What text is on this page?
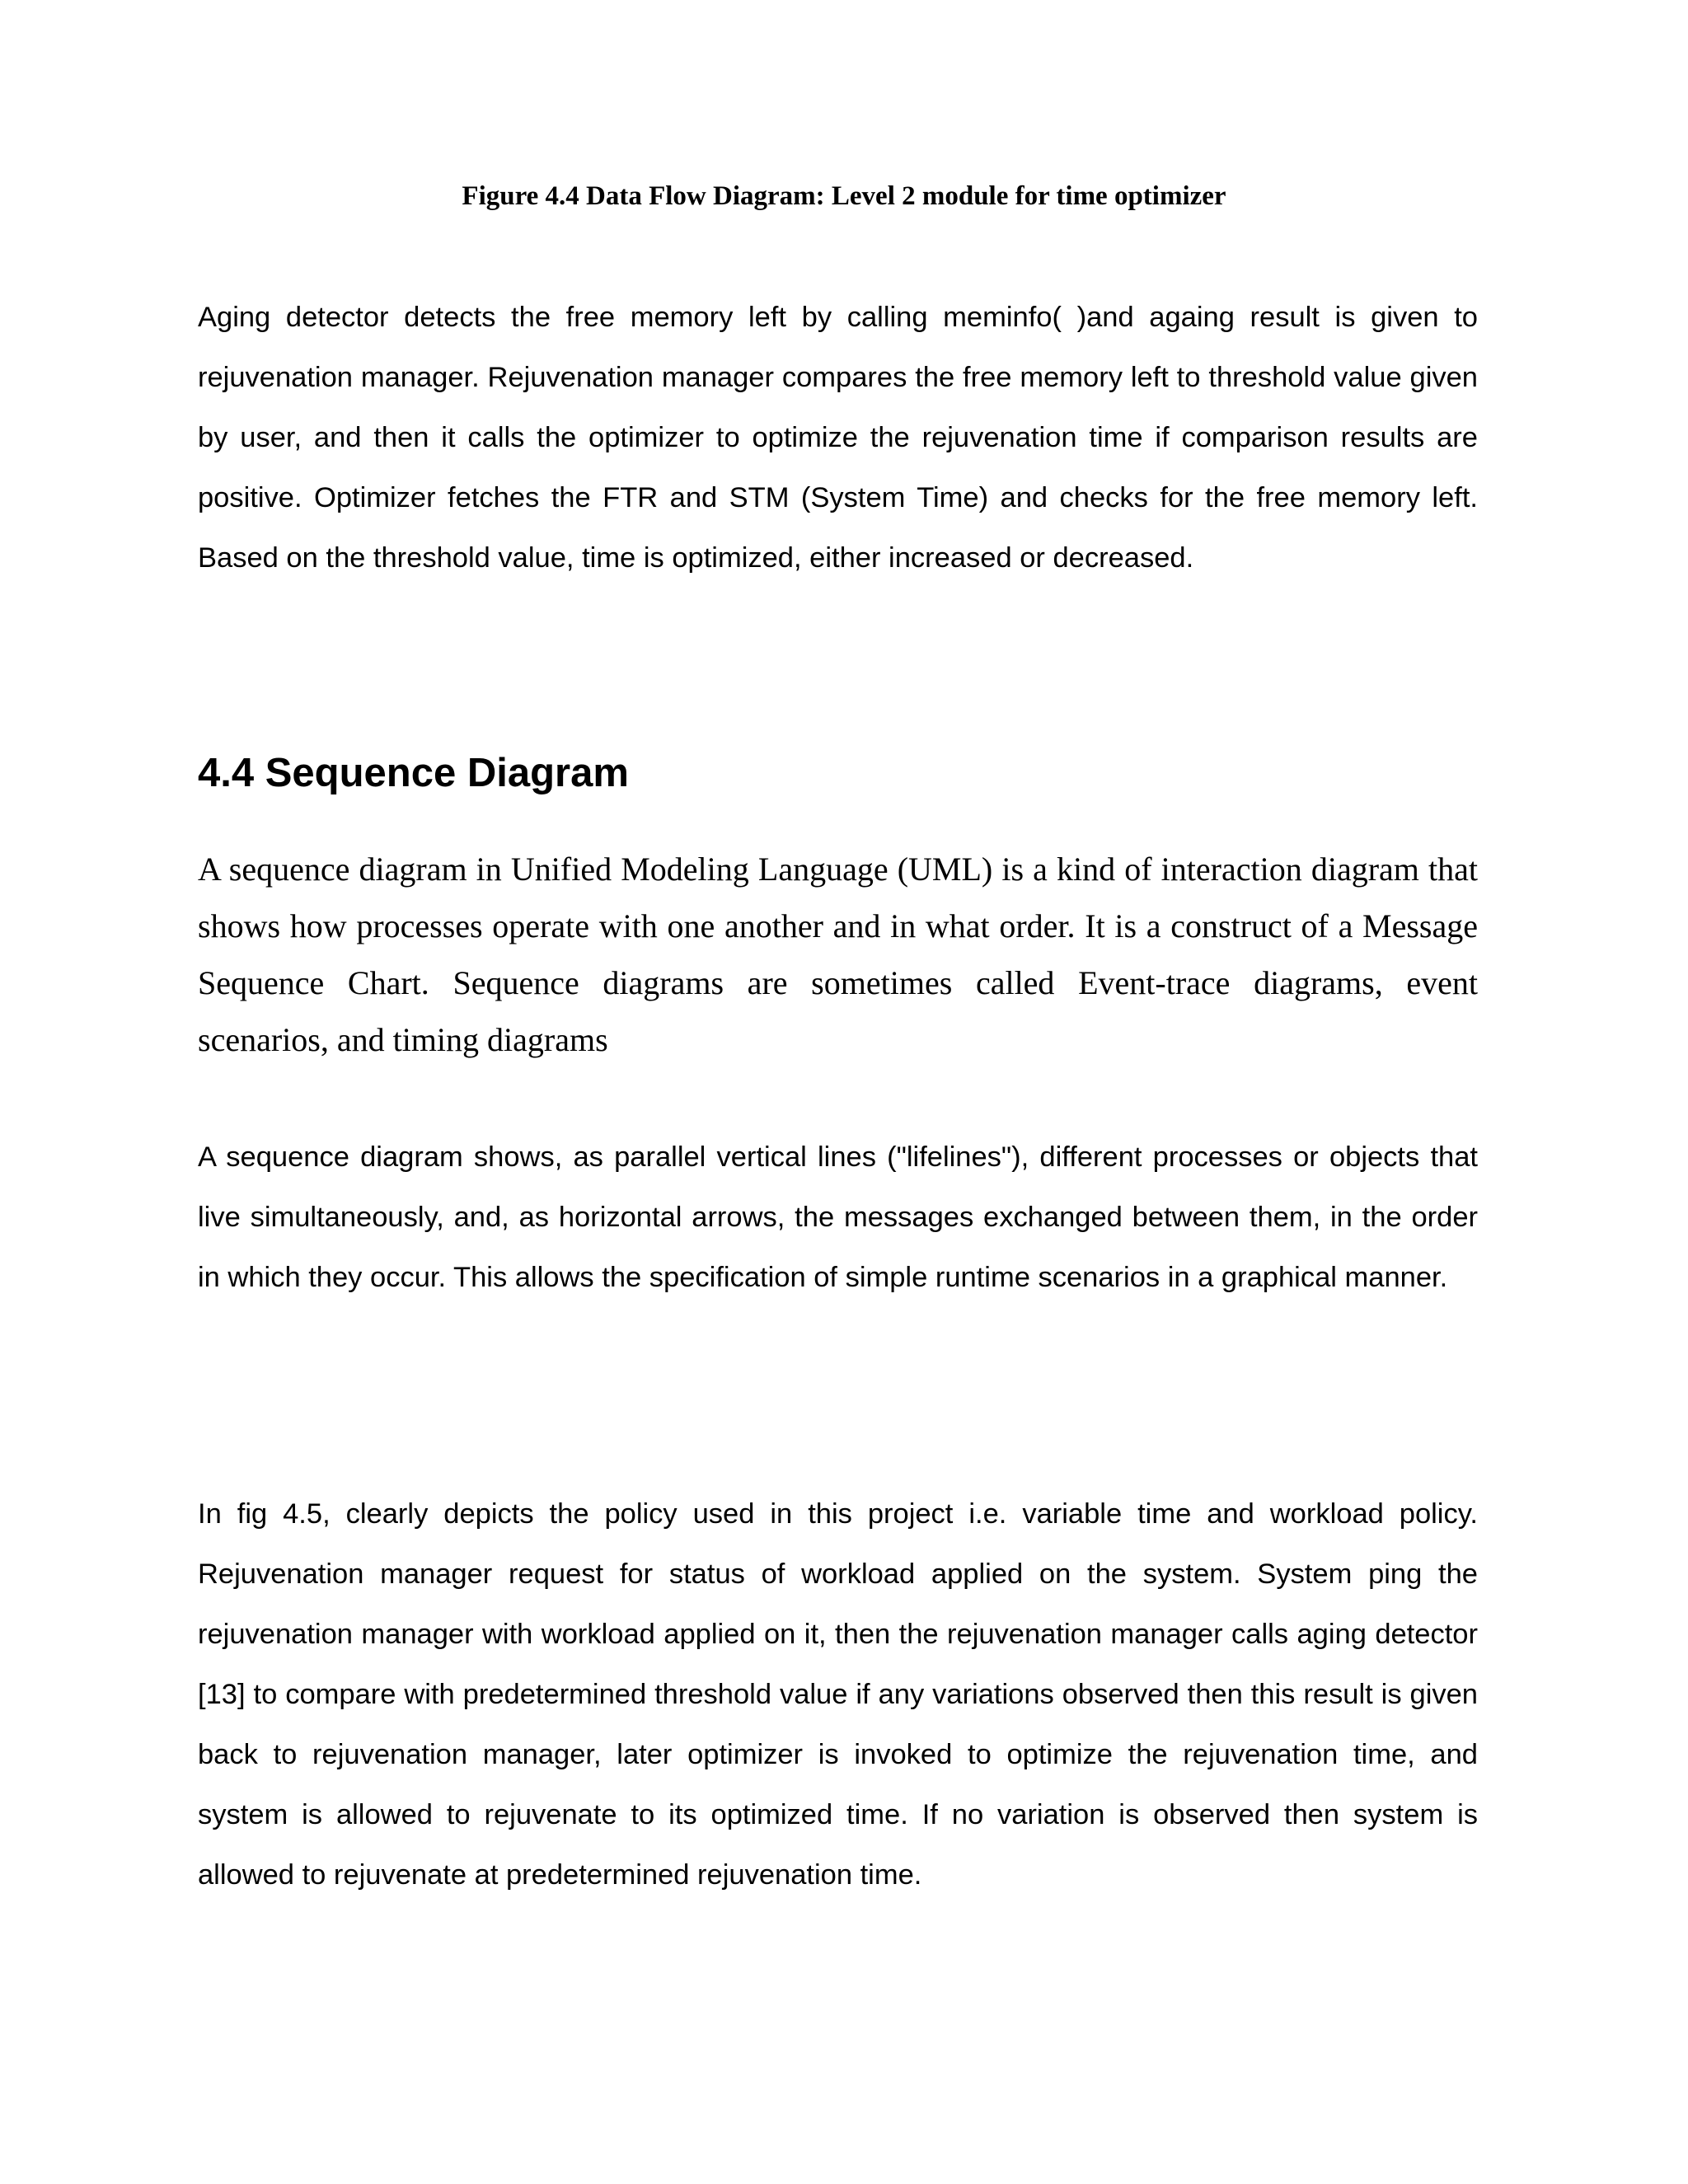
Figure 4.4 Data Flow Diagram: Level 2 module for time optimizer

Aging detector detects the free memory left by calling meminfo( )and againg result is given to rejuvenation manager. Rejuvenation manager compares the free memory left to threshold value given by user, and then it calls the optimizer to optimize the rejuvenation time if comparison results are positive. Optimizer fetches the FTR and STM (System Time) and checks for the free memory left. Based on the threshold value, time is optimized, either increased or decreased.

4.4 Sequence Diagram

A sequence diagram in Unified Modeling Language (UML) is a kind of interaction diagram that shows how processes operate with one another and in what order. It is a construct of a Message Sequence Chart. Sequence diagrams are sometimes called Event-trace diagrams, event scenarios, and timing diagrams

A sequence diagram shows, as parallel vertical lines ("lifelines"), different processes or objects that live simultaneously, and, as horizontal arrows, the messages exchanged between them, in the order in which they occur. This allows the specification of simple runtime scenarios in a graphical manner.

In fig 4.5, clearly depicts the policy used in this project i.e. variable time and workload policy. Rejuvenation manager request for status of workload applied on the system. System ping the rejuvenation manager with workload applied on it, then the rejuvenation manager calls aging detector [13] to compare with predetermined threshold value if any variations observed then this result is given back to rejuvenation manager, later optimizer is invoked to optimize the rejuvenation time, and system is allowed to rejuvenate to its optimized time. If no variation is observed then system is allowed to rejuvenate at predetermined rejuvenation time.
